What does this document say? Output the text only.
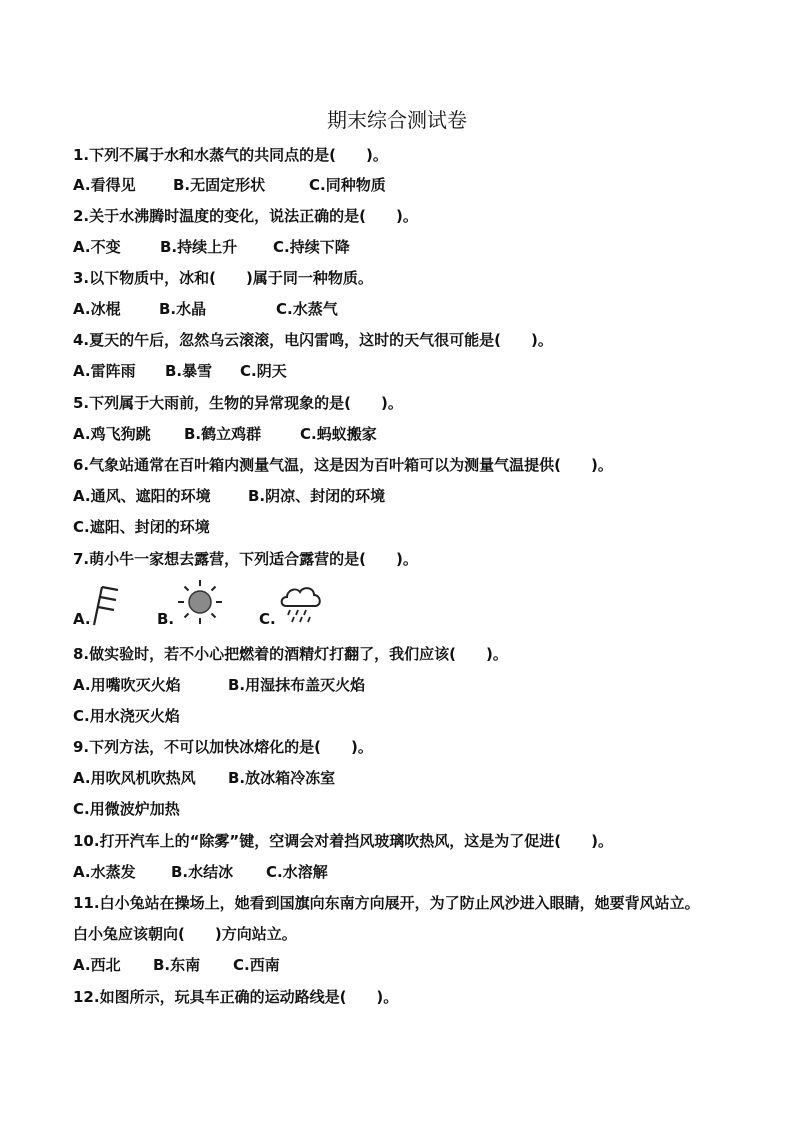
期末综合测试卷
1.下列不属于水和水蒸气的共同点的是(　　)。
A.看得见 B.无固定形状	C.同种物质
2.关于水沸腾时温度的变化，说法正确的是(　　)。
A.不变	B.持续上升 C.持续下降
3.以下物质中，冰和(　　)属于同一种物质。
A.冰棍	B.水晶	C.水蒸气
4.夏天的午后，忽然乌云滚滚，电闪雷鸣，这时的天气很可能是(　　)。
A.雷阵雨 B.暴雪 C.阴天
5.下列属于大雨前，生物的异常现象的是(　　)。
A.鸡飞狗跳 B.鹤立鸡群	C.蚂蚁搬家
6.气象站通常在百叶箱内测量气温，这是因为百叶箱可以为测量气温提供(　　)。
A.通风、遮阳的环境 B.阴凉、封闭的环境
C.遮阳、封闭的环境
7.萌小牛一家想去露营，下列适合露营的是(　　)。
A.	B.	C.
8.做实验时，若不小心把燃着的酒精灯打翻了，我们应该(　　)。
A.用嘴吹灭火焰	B.用湿抹布盖灭火焰
C.用水浇灭火焰
9.下列方法，不可以加快冰熔化的是(　　)。
A.用吹风机吹热风 B.放冰箱冷冻室
C.用微波炉加热
10.打开汽车上的“除雾”键，空调会对着挡风玻璃吹热风，这是为了促进(　　)。
A.水蒸发 B.水结冰 C.水溶解
11.白小兔站在操场上，她看到国旗向东南方向展开，为了防止风沙进入眼睛，她要背风站立。
白小兔应该朝向(　　)方向站立。
A.西北 B.东南 C.西南
12.如图所示，玩具车正确的运动路线是(　　)。
